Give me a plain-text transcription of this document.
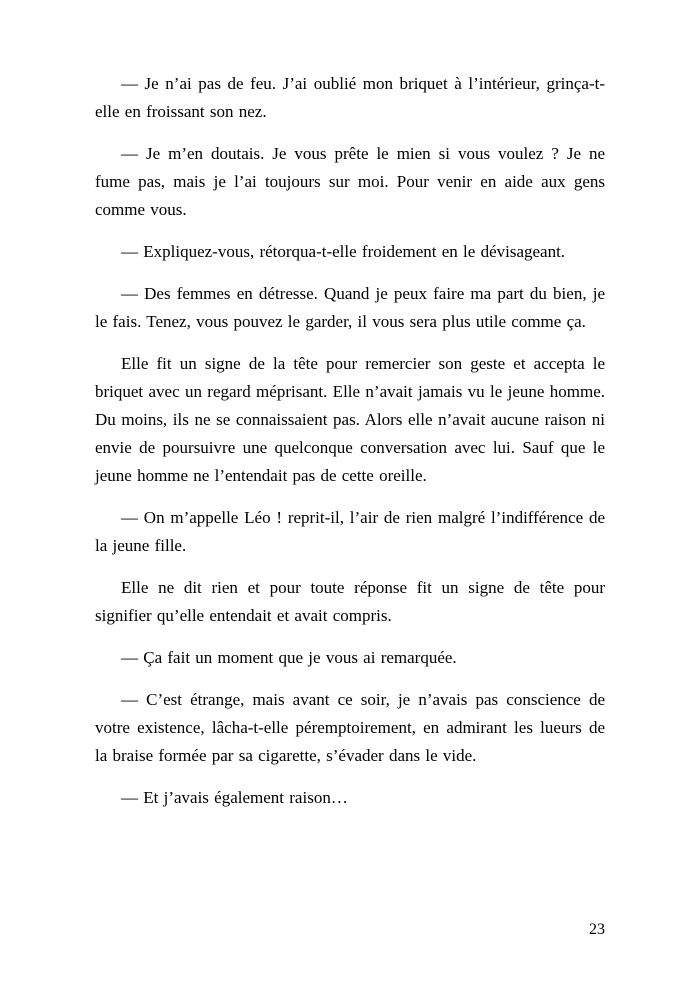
— Je n’ai pas de feu. J’ai oublié mon briquet à l’intérieur, grinça-t-elle en froissant son nez.

— Je m’en doutais. Je vous prête le mien si vous voulez ? Je ne fume pas, mais je l’ai toujours sur moi. Pour venir en aide aux gens comme vous.

— Expliquez-vous, rétorqua-t-elle froidement en le dévisageant.

— Des femmes en détresse. Quand je peux faire ma part du bien, je le fais. Tenez, vous pouvez le garder, il vous sera plus utile comme ça.

Elle fit un signe de la tête pour remercier son geste et accepta le briquet avec un regard méprisant. Elle n’avait jamais vu le jeune homme. Du moins, ils ne se connaissaient pas. Alors elle n’avait aucune raison ni envie de poursuivre une quelconque conversation avec lui. Sauf que le jeune homme ne l’entendait pas de cette oreille.

— On m’appelle Léo ! reprit-il, l’air de rien malgré l’indifférence de la jeune fille.

Elle ne dit rien et pour toute réponse fit un signe de tête pour signifier qu’elle entendait et avait compris.

— Ça fait un moment que je vous ai remarquée.

— C’est étrange, mais avant ce soir, je n’avais pas conscience de votre existence, lâcha-t-elle péremptoirement, en admirant les lueurs de la braise formée par sa cigarette, s’évader dans le vide.

— Et j’avais également raison…

23
